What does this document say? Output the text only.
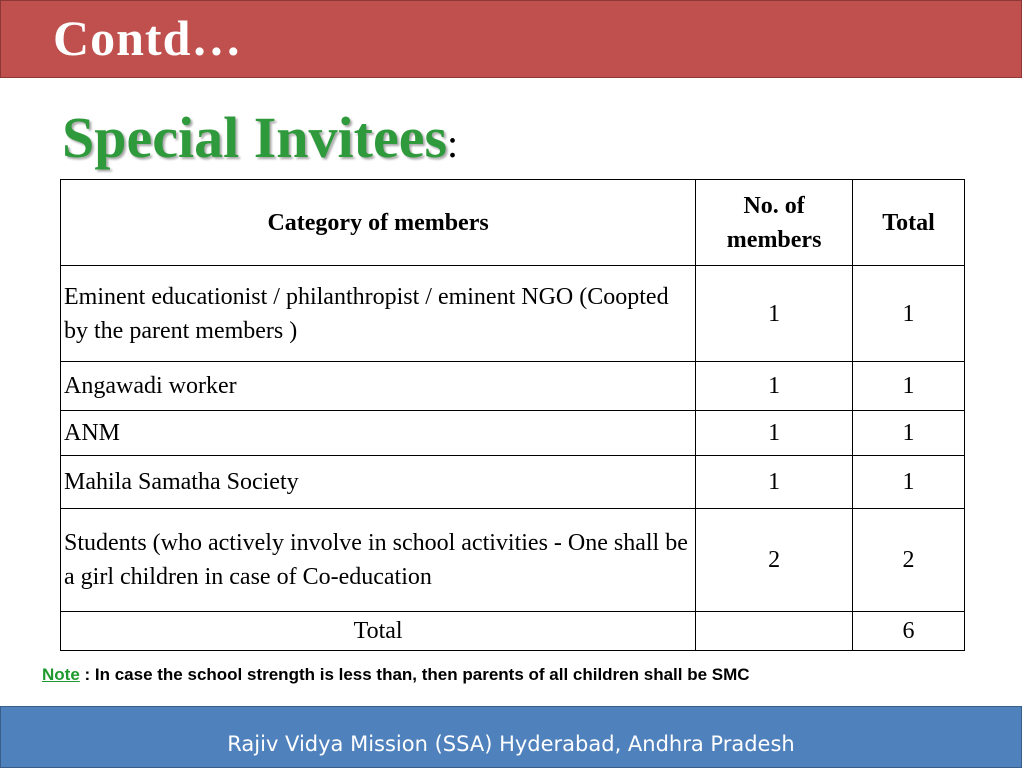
Contd…
Special Invitees:
Category of members	No. of members	Total
Eminent educationist / philanthropist / eminent NGO (Coopted by the parent members )	1	1
Angawadi worker	1	1
ANM	1	1
Mahila Samatha Society	1	1
Students (who actively involve in school activities - One shall be a girl children in case of Co-education	2	2
Total		6
Note : In case the school strength is less than, then parents of all children shall be SMC
Rajiv Vidya Mission (SSA) Hyderabad, Andhra Pradesh
